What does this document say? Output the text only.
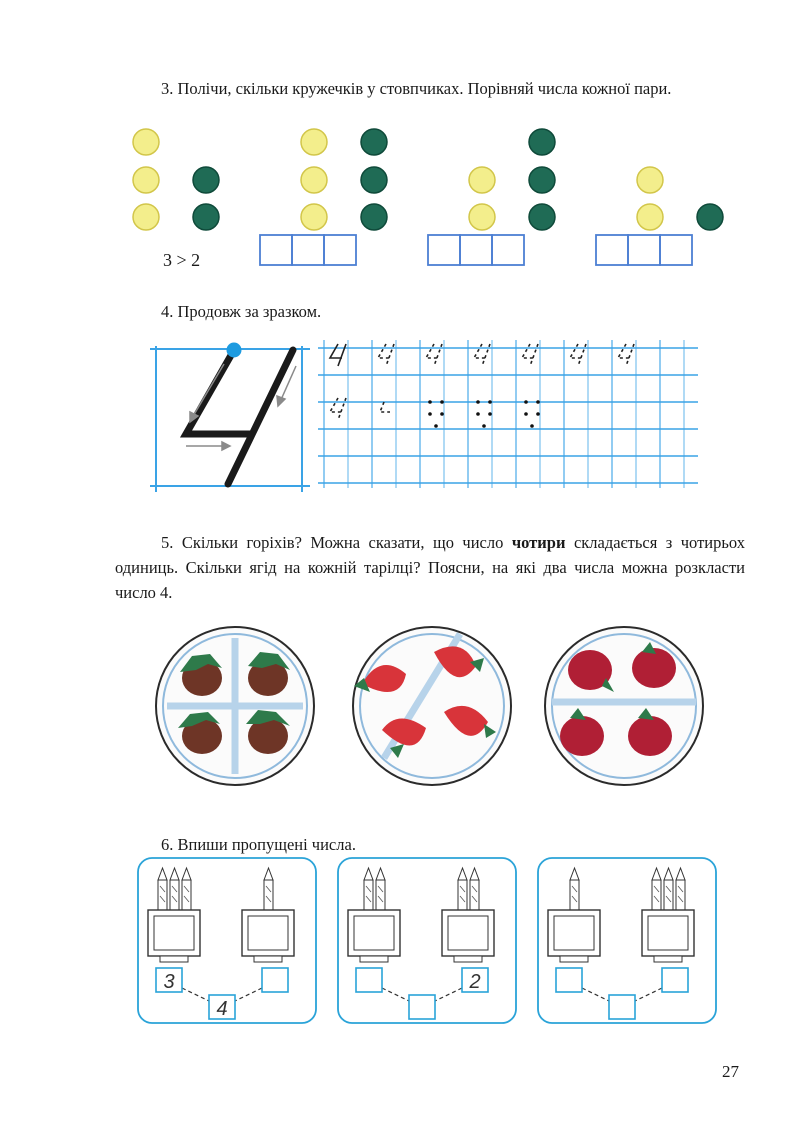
3. Полічи, скільки кружечків у стовпчиках. Порівняй числа кожної пари.

3 > 2

4. Продовж за зразком.

5. Скільки горіхів? Можна сказати, що число чотири складається з чотирьох одиниць. Скільки ягід на кожній тарілці? Поясни, на які два числа можна розкласти число 4.

6. Впиши пропущені числа.

3
4
2
27
